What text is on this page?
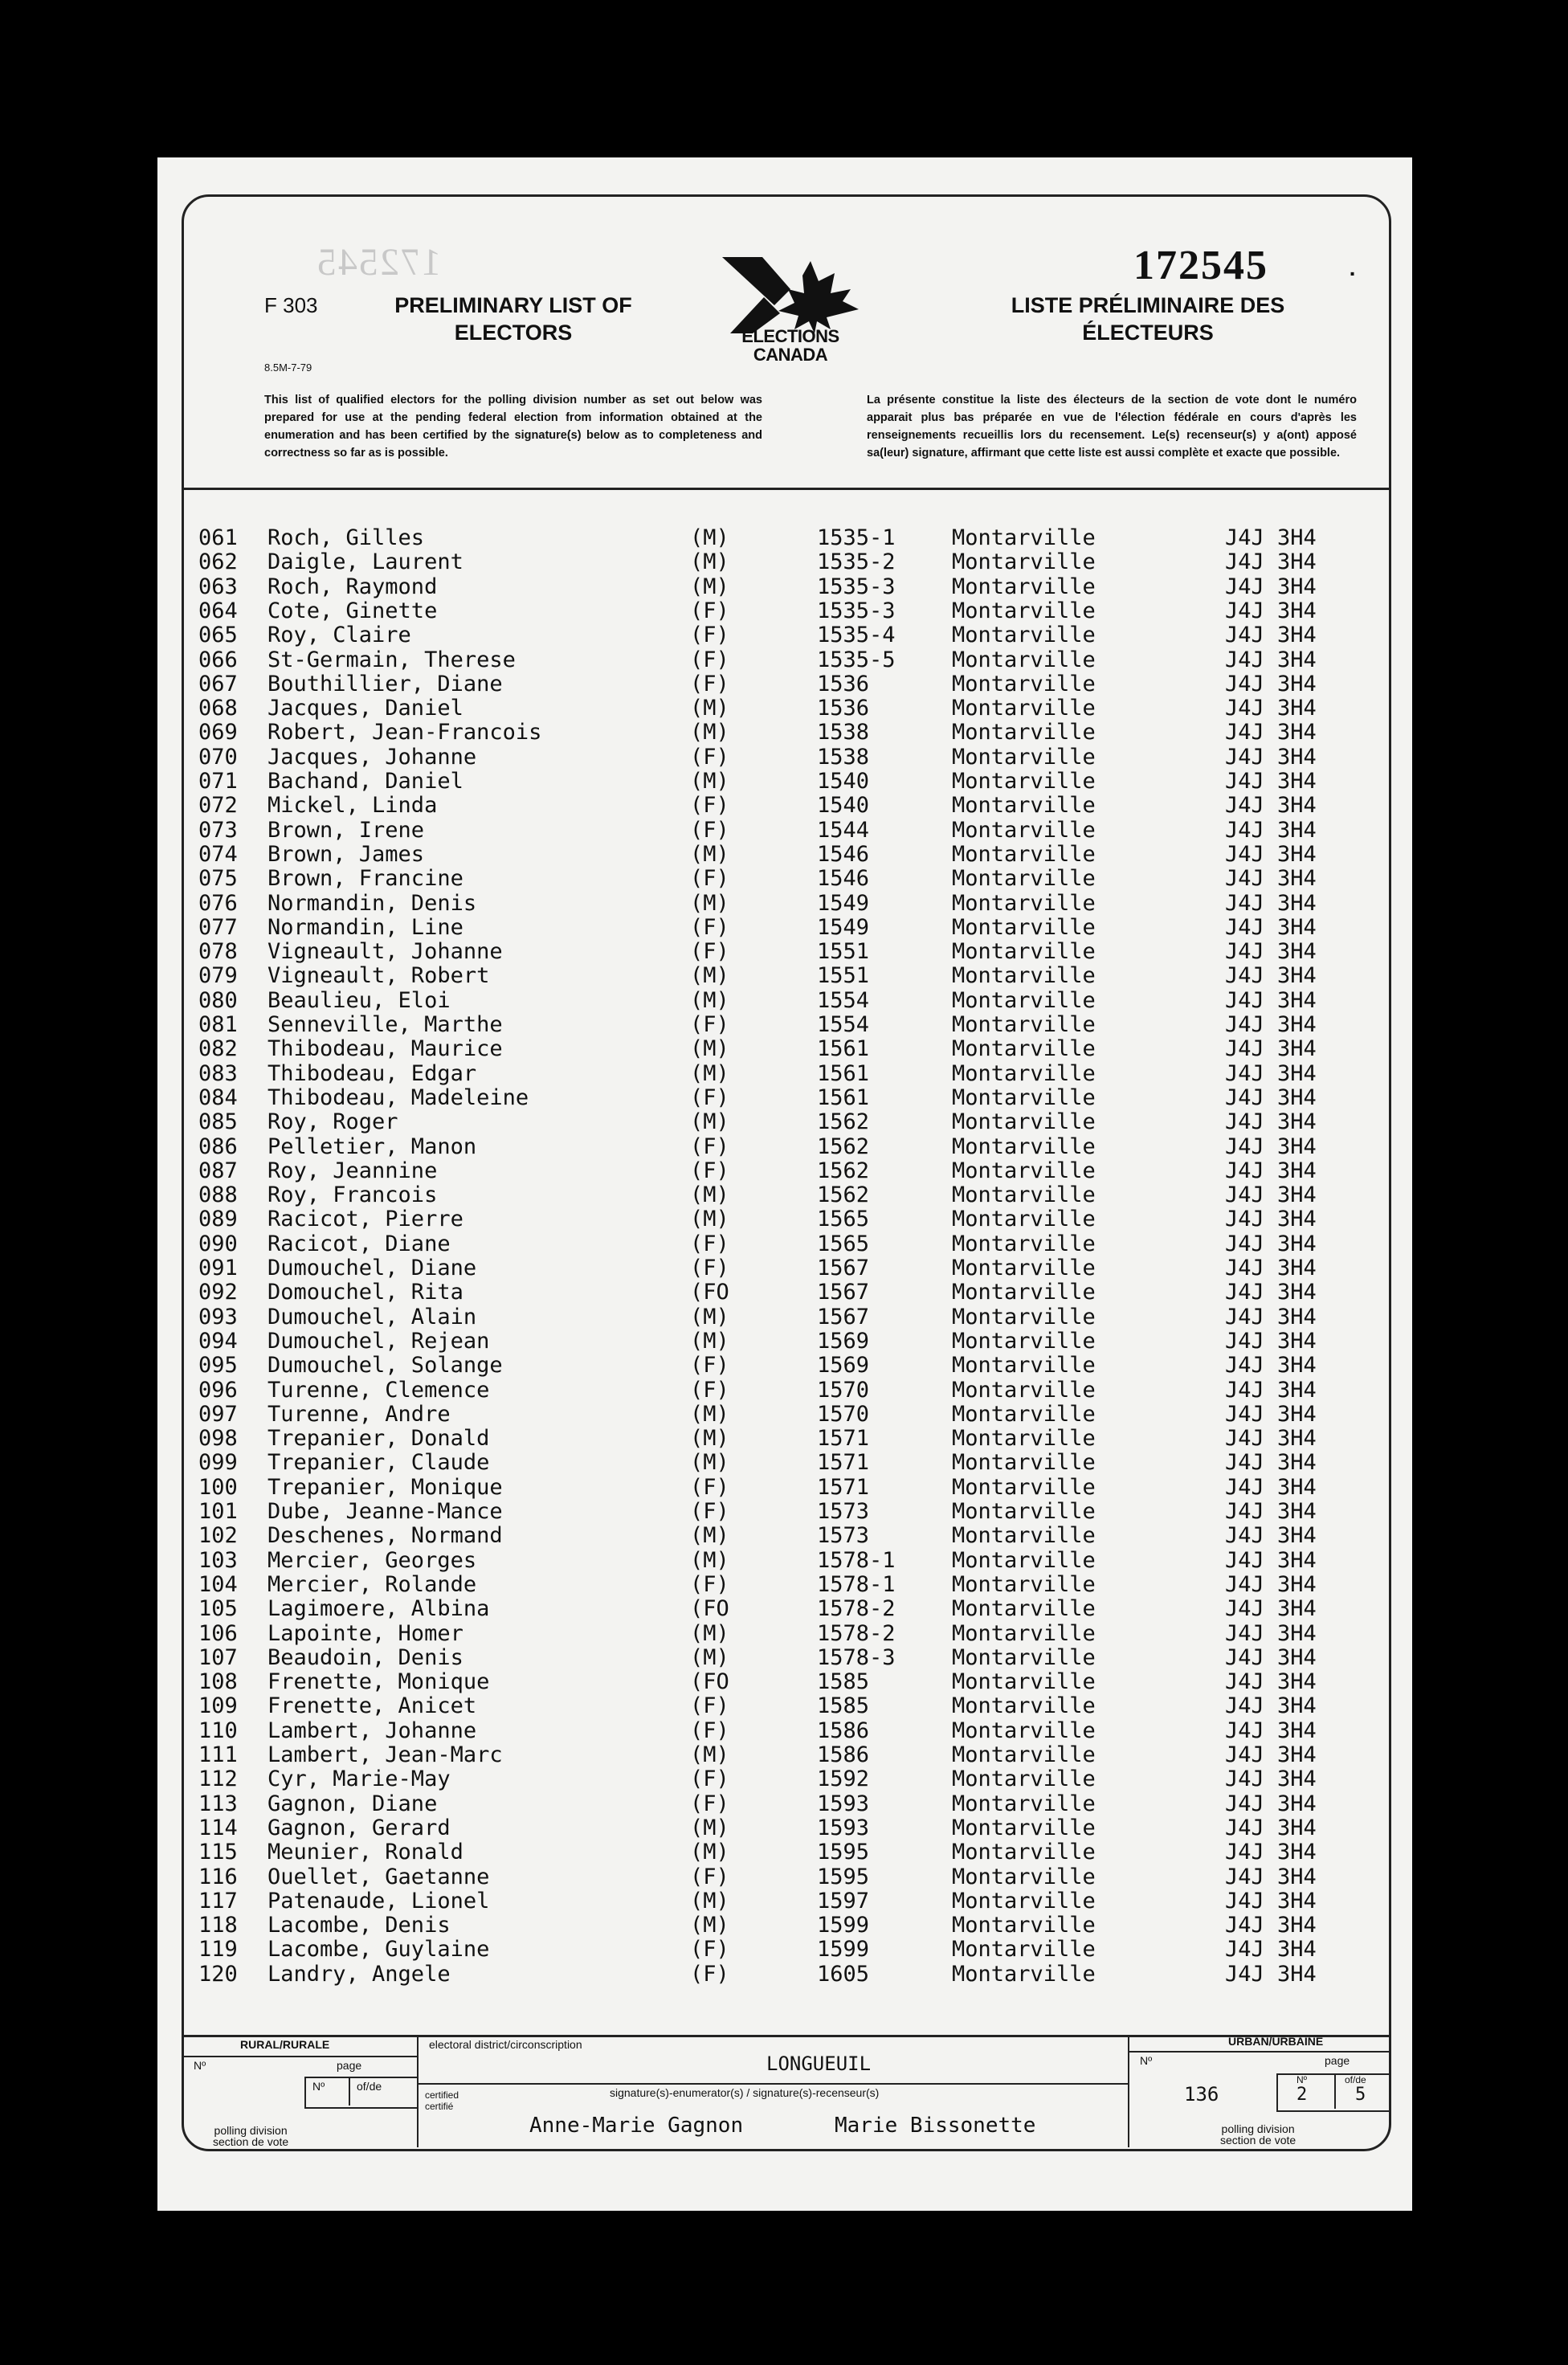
172545	172545	·
F 303
8.5M-7-79
PRELIMINARY LIST OF
ELECTORS	ELECTIONS
CANADA
LISTE PRÉLIMINAIRE DES
ÉLECTEURS
This list of qualified electors for the polling division number as set out below was prepared for use at the pending federal election from information obtained at the enumeration and has been certified by the signature(s) below as to completeness and correctness so far as is possible.
La présente constitue la liste des électeurs de la section de vote dont le numéro apparait plus bas préparée en vue de l'élection fédérale en cours d'après les renseignements recueillis lors du recensement. Le(s) recenseur(s) y a(ont) apposé sa(leur) signature, affirmant que cette liste est aussi complète et exacte que possible.
061 Roch, Gilles	(M)	1535-1	Montarville	J4J 3H4
062 Daigle, Laurent	(M)	1535-2	Montarville	J4J 3H4
063 Roch, Raymond	(M)	1535-3	Montarville	J4J 3H4
064 Cote, Ginette	(F)	1535-3	Montarville	J4J 3H4
065 Roy, Claire	(F)	1535-4	Montarville	J4J 3H4
066 St-Germain, Therese	(F)	1535-5	Montarville	J4J 3H4
067 Bouthillier, Diane	(F)	1536	Montarville	J4J 3H4
068 Jacques, Daniel	(M)	1536	Montarville	J4J 3H4
069 Robert, Jean-Francois	(M)	1538	Montarville	J4J 3H4
070 Jacques, Johanne	(F)	1538	Montarville	J4J 3H4
071 Bachand, Daniel	(M)	1540	Montarville	J4J 3H4
072 Mickel, Linda	(F)	1540	Montarville	J4J 3H4
073 Brown, Irene	(F)	1544	Montarville	J4J 3H4
074 Brown, James	(M)	1546	Montarville	J4J 3H4
075 Brown, Francine	(F)	1546	Montarville	J4J 3H4
076 Normandin, Denis	(M)	1549	Montarville	J4J 3H4
077 Normandin, Line	(F)	1549	Montarville	J4J 3H4
078 Vigneault, Johanne	(F)	1551	Montarville	J4J 3H4
079 Vigneault, Robert	(M)	1551	Montarville	J4J 3H4
080 Beaulieu, Eloi	(M)	1554	Montarville	J4J 3H4
081 Senneville, Marthe	(F)	1554	Montarville	J4J 3H4
082 Thibodeau, Maurice	(M)	1561	Montarville	J4J 3H4
083 Thibodeau, Edgar	(M)	1561	Montarville	J4J 3H4
084 Thibodeau, Madeleine	(F)	1561	Montarville	J4J 3H4
085 Roy, Roger	(M)	1562	Montarville	J4J 3H4
086 Pelletier, Manon	(F)	1562	Montarville	J4J 3H4
087 Roy, Jeannine	(F)	1562	Montarville	J4J 3H4
088 Roy, Francois	(M)	1562	Montarville	J4J 3H4
089 Racicot, Pierre	(M)	1565	Montarville	J4J 3H4
090 Racicot, Diane	(F)	1565	Montarville	J4J 3H4
091 Dumouchel, Diane	(F)	1567	Montarville	J4J 3H4
092 Domouchel, Rita	(FO	1567	Montarville	J4J 3H4
093 Dumouchel, Alain	(M)	1567	Montarville	J4J 3H4
094 Dumouchel, Rejean	(M)	1569	Montarville	J4J 3H4
095 Dumouchel, Solange	(F)	1569	Montarville	J4J 3H4
096 Turenne, Clemence	(F)	1570	Montarville	J4J 3H4
097 Turenne, Andre	(M)	1570	Montarville	J4J 3H4
098 Trepanier, Donald	(M)	1571	Montarville	J4J 3H4
099 Trepanier, Claude	(M)	1571	Montarville	J4J 3H4
100 Trepanier, Monique	(F)	1571	Montarville	J4J 3H4
101 Dube, Jeanne-Mance	(F)	1573	Montarville	J4J 3H4
102 Deschenes, Normand	(M)	1573	Montarville	J4J 3H4
103 Mercier, Georges	(M)	1578-1	Montarville	J4J 3H4
104 Mercier, Rolande	(F)	1578-1	Montarville	J4J 3H4
105 Lagimoere, Albina	(FO	1578-2	Montarville	J4J 3H4
106 Lapointe, Homer	(M)	1578-2	Montarville	J4J 3H4
107 Beaudoin, Denis	(M)	1578-3	Montarville	J4J 3H4
108 Frenette, Monique	(FO	1585	Montarville	J4J 3H4
109 Frenette, Anicet	(F)	1585	Montarville	J4J 3H4
110 Lambert, Johanne	(F)	1586	Montarville	J4J 3H4
111 Lambert, Jean-Marc	(M)	1586	Montarville	J4J 3H4
112 Cyr, Marie-May	(F)	1592	Montarville	J4J 3H4
113 Gagnon, Diane	(F)	1593	Montarville	J4J 3H4
114 Gagnon, Gerard	(M)	1593	Montarville	J4J 3H4
115 Meunier, Ronald	(M)	1595	Montarville	J4J 3H4
116 Ouellet, Gaetanne	(F)	1595	Montarville	J4J 3H4
117 Patenaude, Lionel	(M)	1597	Montarville	J4J 3H4
118 Lacombe, Denis	(M)	1599	Montarville	J4J 3H4
119 Lacombe, Guylaine	(F)	1599	Montarville	J4J 3H4
120 Landry, Angele	(F)	1605	Montarville	J4J 3H4
RURAL/RURALE
Nº	page
Nº	of/de
polling division
section de vote
electoral district/circonscription
LONGUEUIL
certified
certifié
signature(s)-enumerator(s) / signature(s)-recenseur(s)
Anne-Marie Gagnon	Marie Bissonette
URBAN/URBAINE
Nº	page
136
Nº	of/de
2	5
polling division
section de vote
